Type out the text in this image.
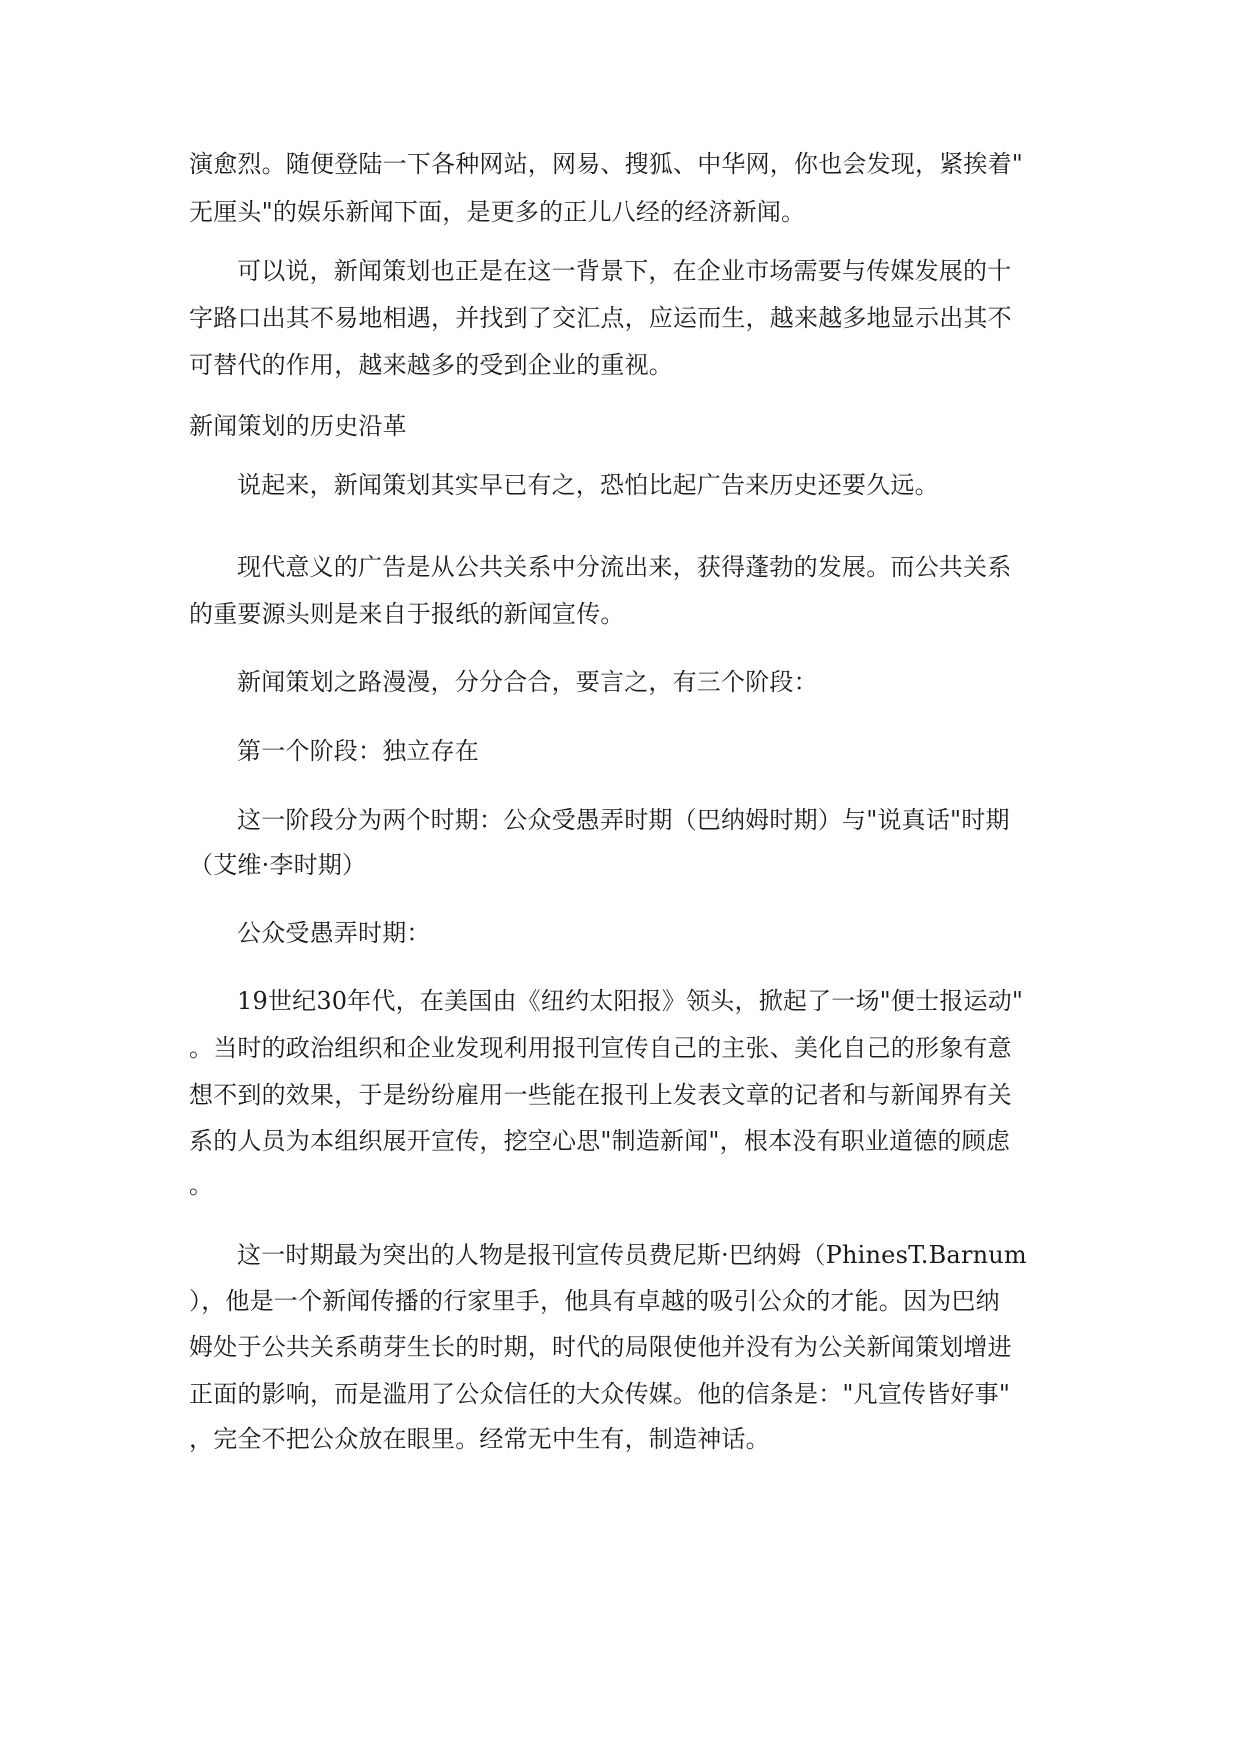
演愈烈。随便登陆一下各种网站，网易、搜狐、中华网，你也会发现，紧挨着"
无厘头"的娱乐新闻下面，是更多的正儿八经的经济新闻。
可以说，新闻策划也正是在这一背景下，在企业市场需要与传媒发展的十
字路口出其不易地相遇，并找到了交汇点，应运而生，越来越多地显示出其不
可替代的作用，越来越多的受到企业的重视。
新闻策划的历史沿革
说起来，新闻策划其实早已有之，恐怕比起广告来历史还要久远。
现代意义的广告是从公共关系中分流出来，获得蓬勃的发展。而公共关系
的重要源头则是来自于报纸的新闻宣传。
新闻策划之路漫漫，分分合合，要言之，有三个阶段：
第一个阶段：独立存在
这一阶段分为两个时期：公众受愚弄时期（巴纳姆时期）与"说真话"时期
（艾维·李时期）
公众受愚弄时期：
19世纪30年代，在美国由《纽约太阳报》领头，掀起了一场"便士报运动"
。当时的政治组织和企业发现利用报刊宣传自己的主张、美化自己的形象有意
想不到的效果，于是纷纷雇用一些能在报刊上发表文章的记者和与新闻界有关
系的人员为本组织展开宣传，挖空心思"制造新闻"，根本没有职业道德的顾虑
。
这一时期最为突出的人物是报刊宣传员费尼斯·巴纳姆（PhinesT.Barnum
），他是一个新闻传播的行家里手，他具有卓越的吸引公众的才能。因为巴纳
姆处于公共关系萌芽生长的时期，时代的局限使他并没有为公关新闻策划增进
正面的影响，而是滥用了公众信任的大众传媒。他的信条是："凡宣传皆好事"
，完全不把公众放在眼里。经常无中生有，制造神话。
